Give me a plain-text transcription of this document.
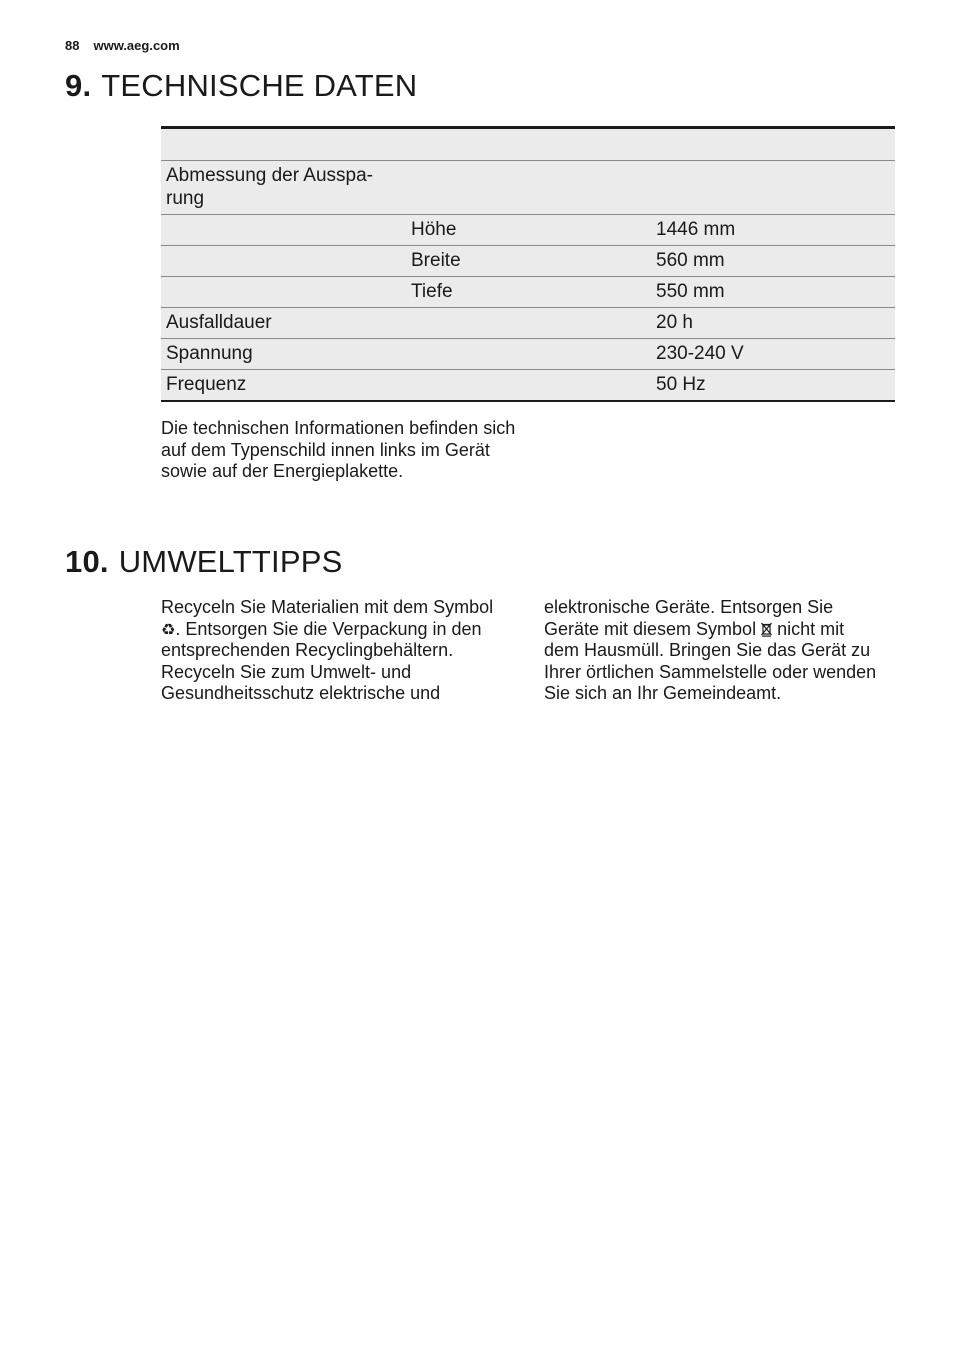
88 www.aeg.com
9. TECHNISCHE DATEN

Abmessung der Ausspa-
rung		
	Höhe	1446 mm
	Breite	560 mm
	Tiefe	550 mm
Ausfalldauer		20 h
Spannung		230-240 V
Frequenz		50 Hz

Die technischen Informationen befinden sich auf dem Typenschild innen links im Gerät sowie auf der Energieplakette.

10. UMWELTTIPPS

Recyceln Sie Materialien mit dem Symbol ♻. Entsorgen Sie die Verpackung in den entsprechenden Recyclingbehältern.
Recyceln Sie zum Umwelt- und Gesundheitsschutz elektrische und

elektronische Geräte. Entsorgen Sie Geräte mit diesem Symbol nicht mit dem Hausmüll. Bringen Sie das Gerät zu Ihrer örtlichen Sammelstelle oder wenden Sie sich an Ihr Gemeindeamt.
